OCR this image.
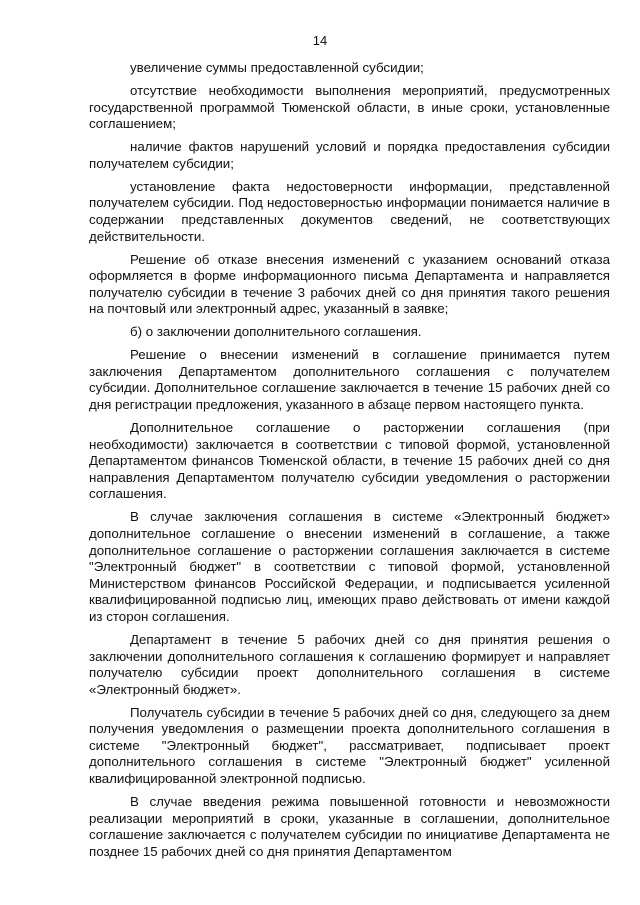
14

увеличение суммы предоставленной субсидии;

отсутствие необходимости выполнения мероприятий, предусмотренных государственной программой Тюменской области, в иные сроки, установленные соглашением;

наличие фактов нарушений условий и порядка предоставления субсидии получателем субсидии;

установление факта недостоверности информации, представленной получателем субсидии. Под недостоверностью информации понимается наличие в содержании представленных документов сведений, не соответствующих действительности.

Решение об отказе внесения изменений с указанием оснований отказа оформляется в форме информационного письма Департамента и направляется получателю субсидии в течение 3 рабочих дней со дня принятия такого решения на почтовый или электронный адрес, указанный в заявке;

б) о заключении дополнительного соглашения.

Решение о внесении изменений в соглашение принимается путем заключения Департаментом дополнительного соглашения с получателем субсидии. Дополнительное соглашение заключается в течение 15 рабочих дней со дня регистрации предложения, указанного в абзаце первом настоящего пункта.

Дополнительное соглашение о расторжении соглашения (при необходимости) заключается в соответствии с типовой формой, установленной Департаментом финансов Тюменской области, в течение 15 рабочих дней со дня направления Департаментом получателю субсидии уведомления о расторжении соглашения.

В случае заключения соглашения в системе «Электронный бюджет» дополнительное соглашение о внесении изменений в соглашение, а также дополнительное соглашение о расторжении соглашения заключается в системе "Электронный бюджет" в соответствии с типовой формой, установленной Министерством финансов Российской Федерации, и подписывается усиленной квалифицированной подписью лиц, имеющих право действовать от имени каждой из сторон соглашения.

Департамент в течение 5 рабочих дней со дня принятия решения о заключении дополнительного соглашения к соглашению формирует и направляет получателю субсидии проект дополнительного соглашения в системе «Электронный бюджет».

Получатель субсидии в течение 5 рабочих дней со дня, следующего за днем получения уведомления о размещении проекта дополнительного соглашения в системе "Электронный бюджет", рассматривает, подписывает проект дополнительного соглашения в системе "Электронный бюджет" усиленной квалифицированной электронной подписью.

В случае введения режима повышенной готовности и невозможности реализации мероприятий в сроки, указанные в соглашении, дополнительное соглашение заключается с получателем субсидии по инициативе Департамента не позднее 15 рабочих дней со дня принятия Департаментом
